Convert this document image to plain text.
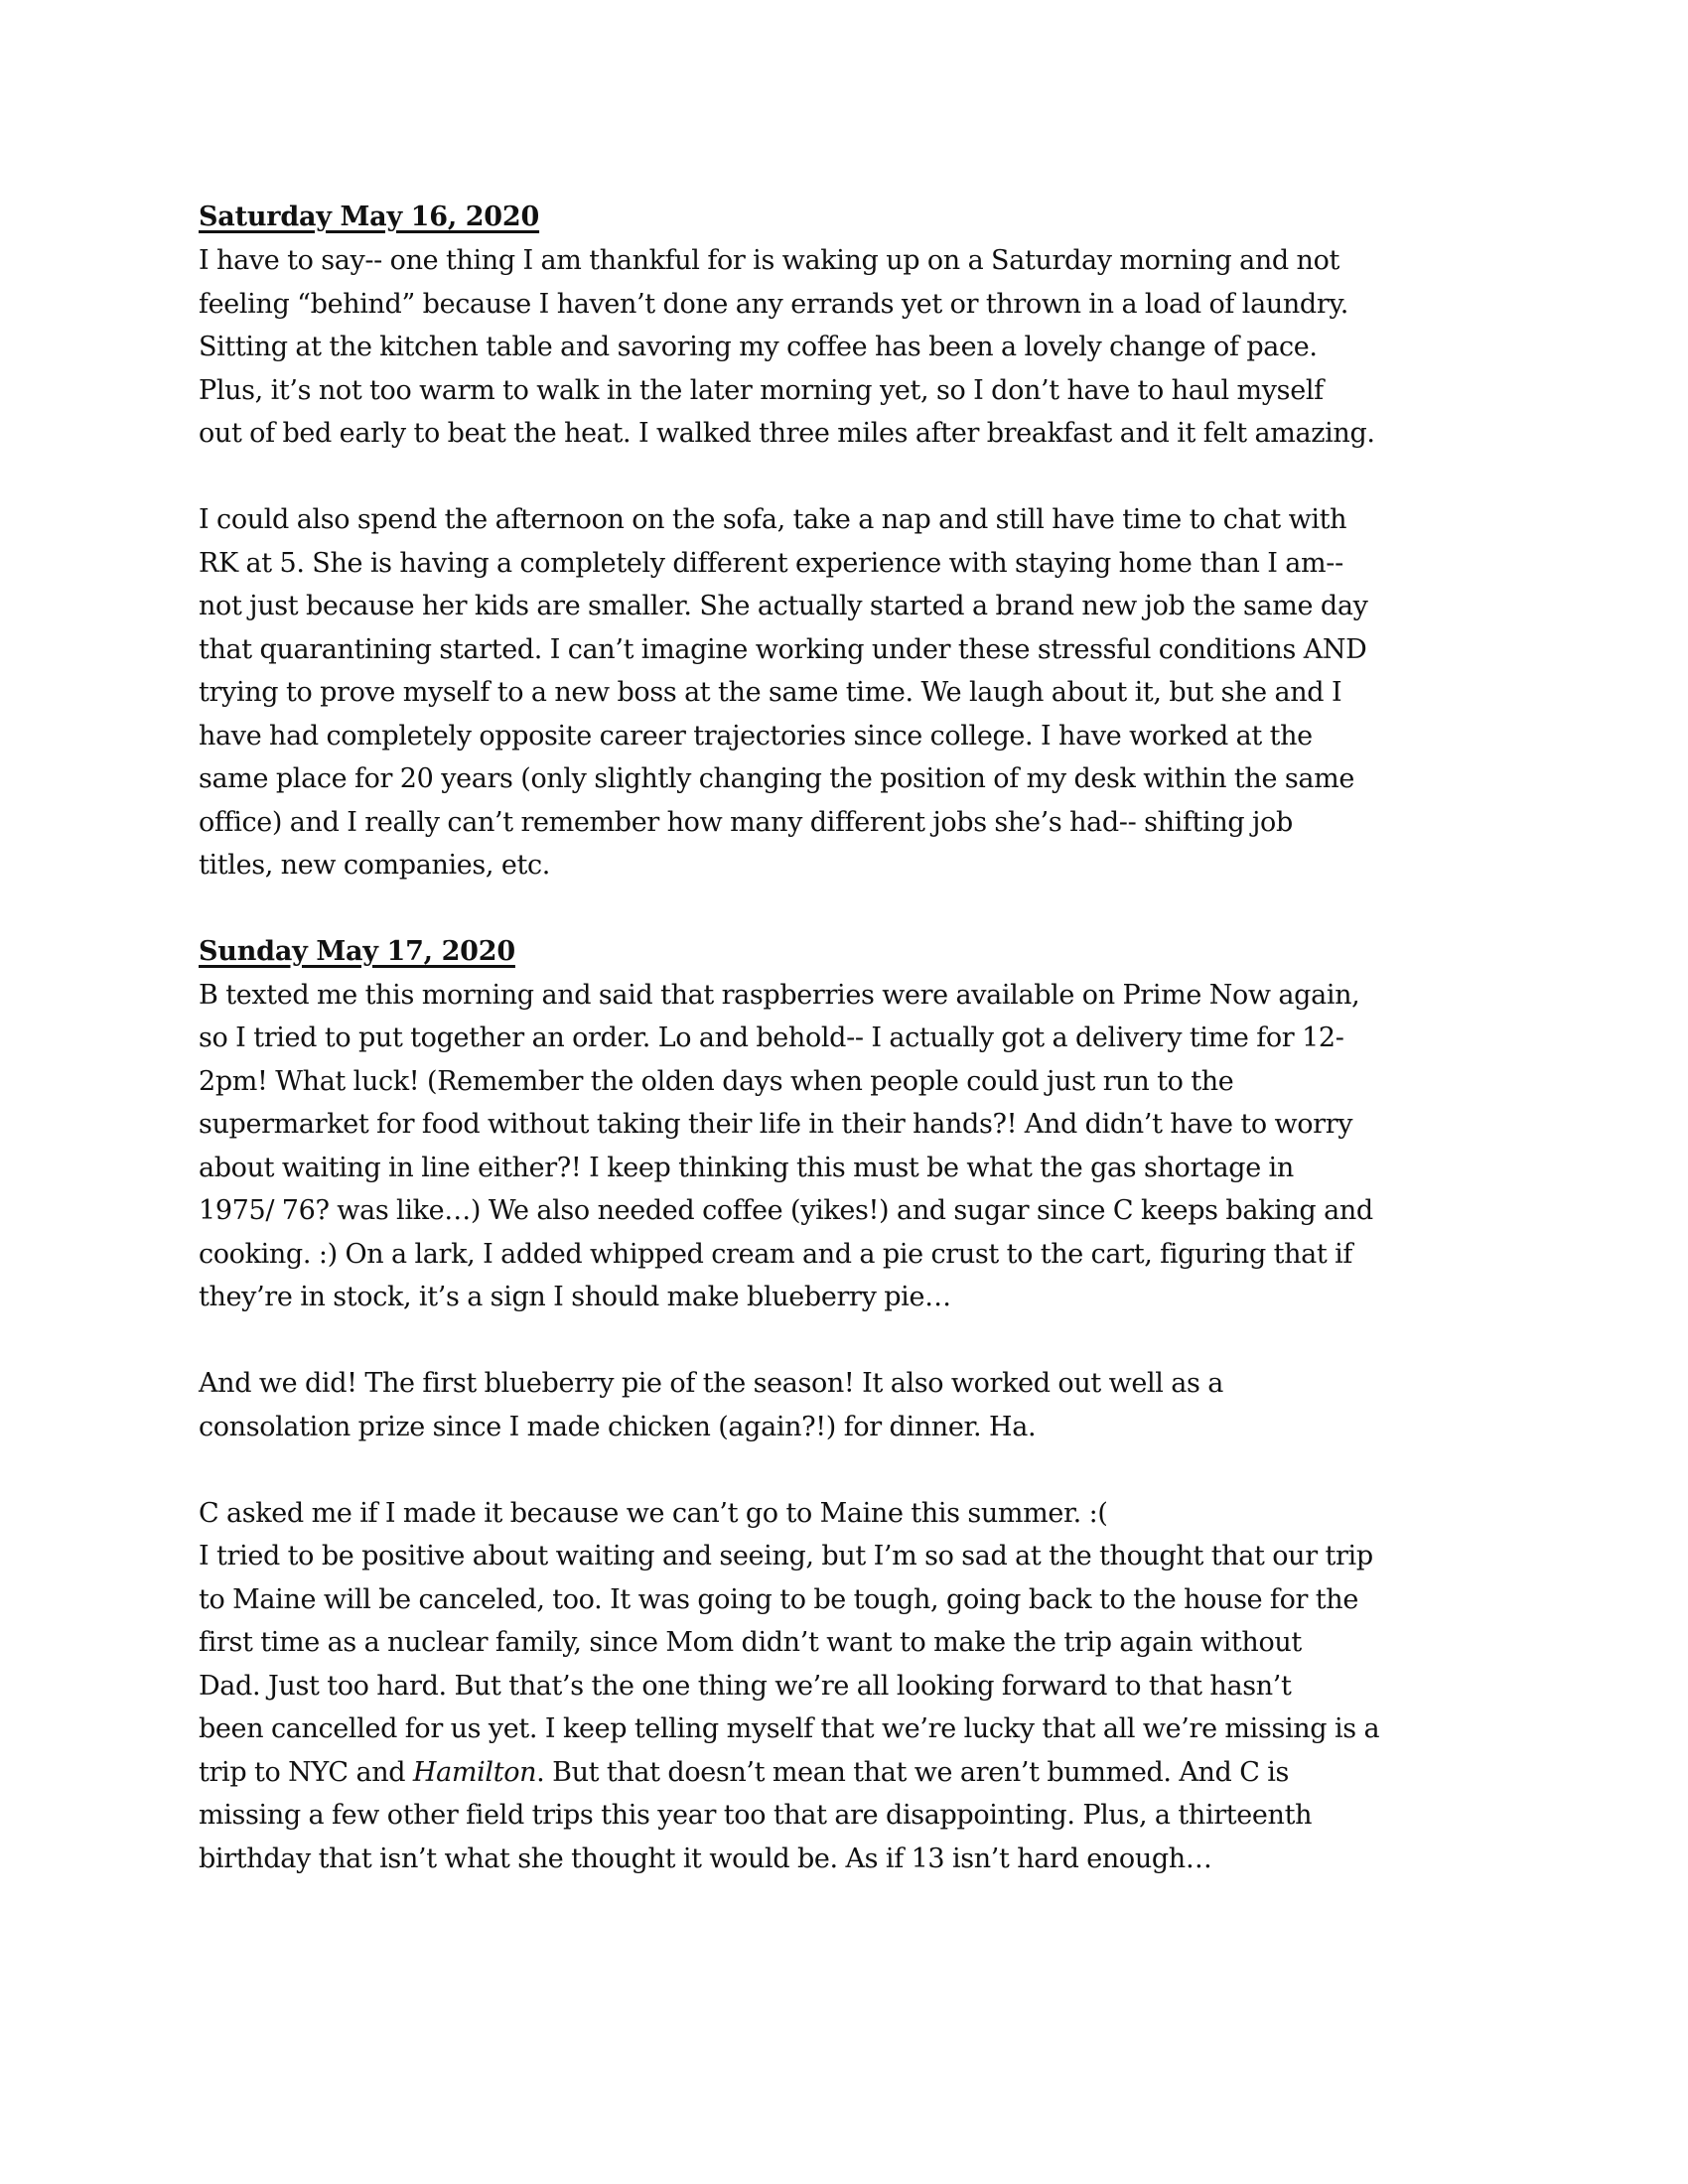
Saturday May 16, 2020
I have to say-- one thing I am thankful for is waking up on a Saturday morning and not
feeling “behind” because I haven’t done any errands yet or thrown in a load of laundry.
Sitting at the kitchen table and savoring my coffee has been a lovely change of pace.
Plus, it’s not too warm to walk in the later morning yet, so I don’t have to haul myself
out of bed early to beat the heat. I walked three miles after breakfast and it felt amazing.
I could also spend the afternoon on the sofa, take a nap and still have time to chat with
RK at 5. She is having a completely different experience with staying home than I am--
not just because her kids are smaller. She actually started a brand new job the same day
that quarantining started. I can’t imagine working under these stressful conditions AND
trying to prove myself to a new boss at the same time. We laugh about it, but she and I
have had completely opposite career trajectories since college. I have worked at the
same place for 20 years (only slightly changing the position of my desk within the same
office) and I really can’t remember how many different jobs she’s had-- shifting job
titles, new companies, etc.
Sunday May 17, 2020
B texted me this morning and said that raspberries were available on Prime Now again,
so I tried to put together an order. Lo and behold-- I actually got a delivery time for 12-
2pm! What luck! (Remember the olden days when people could just run to the
supermarket for food without taking their life in their hands?! And didn’t have to worry
about waiting in line either?! I keep thinking this must be what the gas shortage in
1975/ 76? was like…) We also needed coffee (yikes!) and sugar since C keeps baking and
cooking. :) On a lark, I added whipped cream and a pie crust to the cart, figuring that if
they’re in stock, it’s a sign I should make blueberry pie…
And we did! The first blueberry pie of the season! It also worked out well as a
consolation prize since I made chicken (again?!) for dinner. Ha.
C asked me if I made it because we can’t go to Maine this summer. :(
I tried to be positive about waiting and seeing, but I’m so sad at the thought that our trip
to Maine will be canceled, too. It was going to be tough, going back to the house for the
first time as a nuclear family, since Mom didn’t want to make the trip again without
Dad. Just too hard. But that’s the one thing we’re all looking forward to that hasn’t
been cancelled for us yet. I keep telling myself that we’re lucky that all we’re missing is a
trip to NYC and Hamilton. But that doesn’t mean that we aren’t bummed. And C is
missing a few other field trips this year too that are disappointing. Plus, a thirteenth
birthday that isn’t what she thought it would be. As if 13 isn’t hard enough…
